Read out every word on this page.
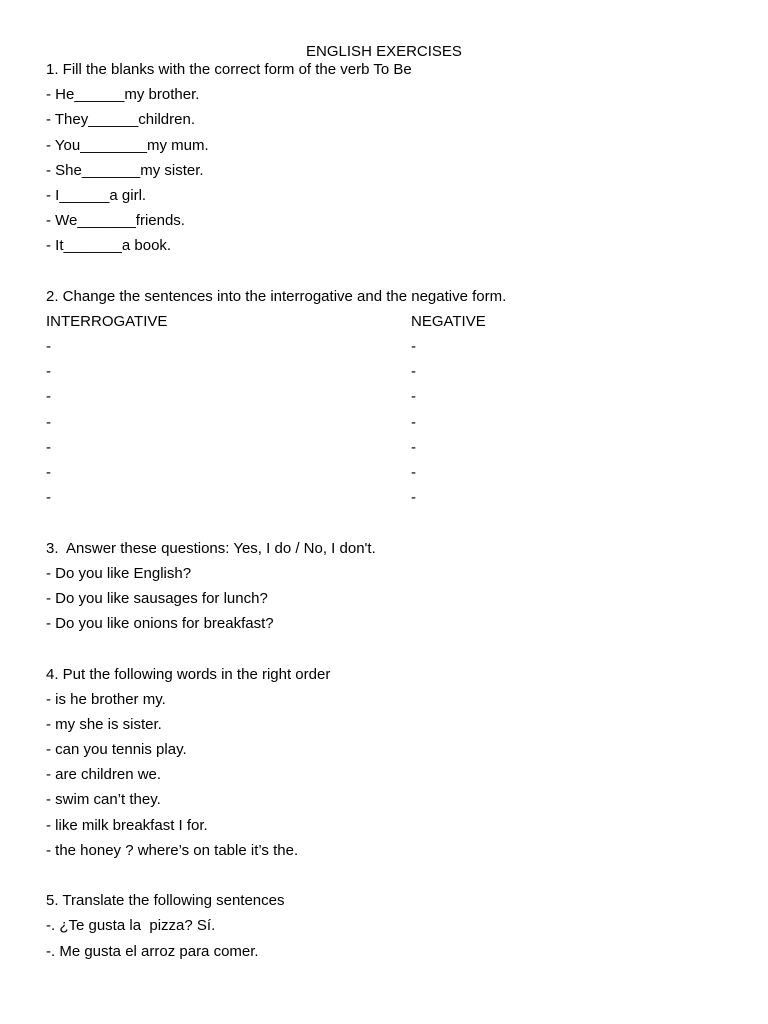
ENGLISH EXERCISES
1. Fill the blanks with the correct form of the verb To Be
- He______my brother.
- They______children.
- You________my mum.
- She_______my sister.
- I______a girl.
- We_______friends.
- It_______a book.
2. Change the sentences into the interrogative and the negative form.
INTERROGATIVE	NEGATIVE
-	-
-	-
-	-
-	-
-	-
-	-
-	-
3.  Answer these questions: Yes, I do / No, I don't.
- Do you like English?
- Do you like sausages for lunch?
- Do you like onions for breakfast?
4. Put the following words in the right order
- is he brother my.
- my she is sister.
- can you tennis play.
- are children we.
- swim can’t they.
- like milk breakfast I for.
- the honey ? where’s on table it’s the.
5. Translate the following sentences
-. ¿Te gusta la  pizza? Sí.
-. Me gusta el arroz para comer.
